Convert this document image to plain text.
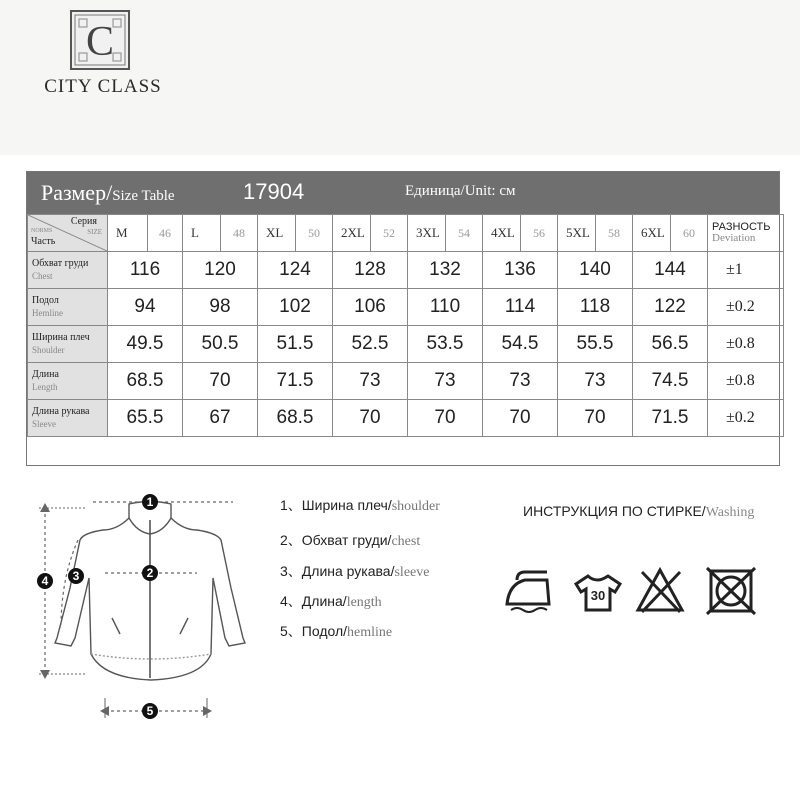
C
CITY CLASS
Размер/Size Table	17904	Единица/Unit: см
Серия
SIZE
NORMS
Часть	M	46	L	48	XL	50	2XL	52	3XL	54	4XL	56	5XL	58	6XL	60	РАЗНОСТЬ
Deviation

Обхват груди
Chest	116		120		124		128		132		136		140		144		±1
Подол
Hemline	94		98		102		106		110		114		118		122		±0.2
Ширина плеч
Shoulder	49.5		50.5		51.5		52.5		53.5		54.5		55.5		56.5		±0.8
Длина
Length	68.5		70		71.5		73		73		73		73		74.5		±0.8
Длина рукава
Sleeve	65.5		67		68.5		70		70		70		70		71.5		±0.2
1
2
3
4
5
1、Ширина плеч/shoulder
2、Обхват груди/chest
3、Длина рукава/sleeve
4、Длина/length
5、Подол/hemline
ИНСТРУКЦИЯ ПО СТИРКЕ/Washing
30
